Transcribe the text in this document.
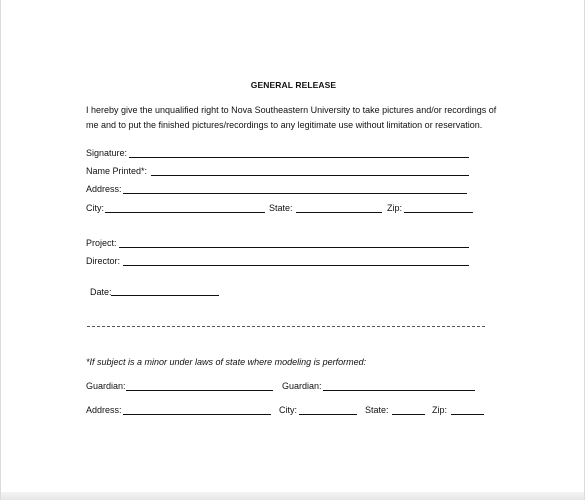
GENERAL RELEASE
I hereby give the unqualified right to Nova Southeastern University to take pictures and/or recordings of me and to put the finished pictures/recordings to any legitimate use without limitation or reservation.
Signature:
Name Printed*:
Address:
City:	State:	Zip:
Project:
Director:
Date:
*If subject is a minor under laws of state where modeling is performed:
Guardian:	Guardian:
Address:	City:	State:	Zip:
